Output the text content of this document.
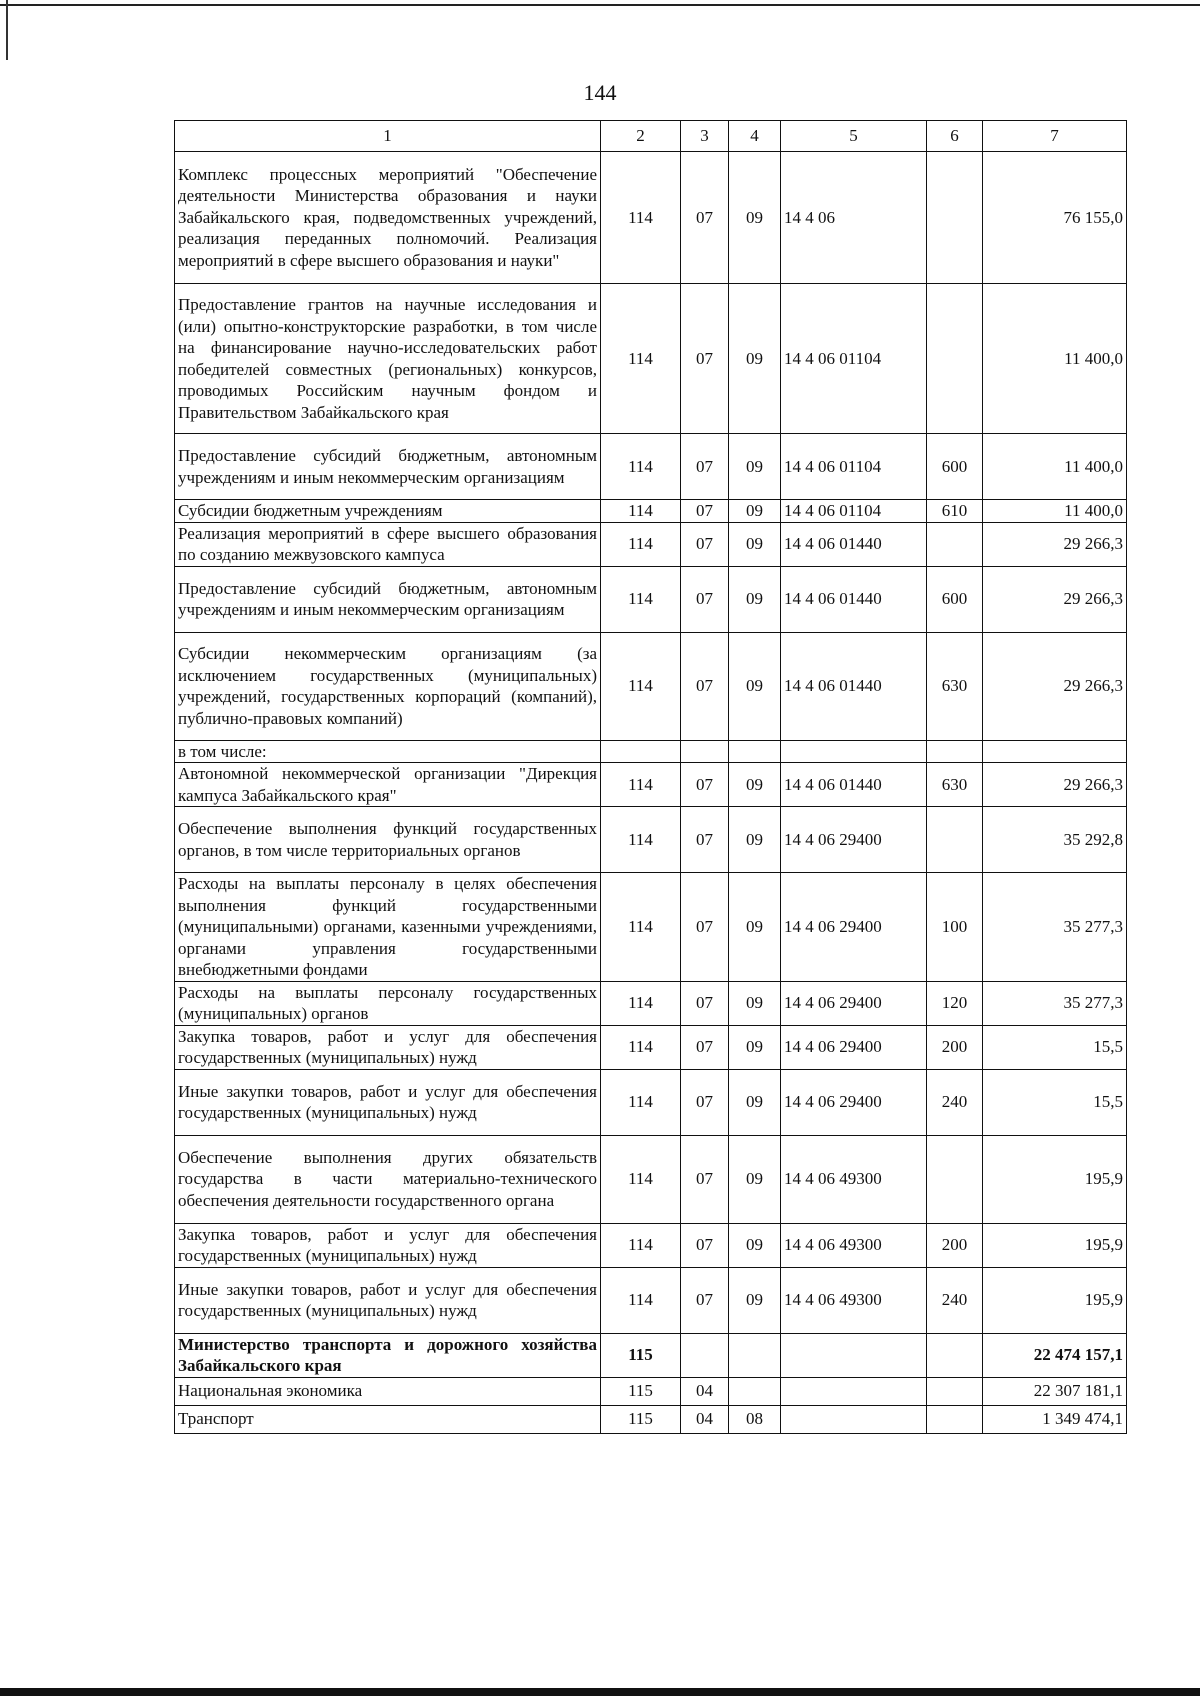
144
1	2	3	4	5	6	7
Комплекс процессных мероприятий "Обеспечение деятельности Министерства образования и науки Забайкальского края, подведомственных учреждений, реализация переданных полномочий. Реализация мероприятий в сфере высшего образования и науки"	114	07	09	14 4 06		76 155,0
Предоставление грантов на научные исследования и (или) опытно-конструкторские разработки, в том числе на финансирование научно-исследовательских работ победителей совместных (региональных) конкурсов, проводимых Российским научным фондом и Правительством Забайкальского края	114	07	09	14 4 06 01104		11 400,0
Предоставление субсидий бюджетным, автономным учреждениям и иным некоммерческим организациям	114	07	09	14 4 06 01104	600	11 400,0
Субсидии бюджетным учреждениям	114	07	09	14 4 06 01104	610	11 400,0
Реализация мероприятий в сфере высшего образования по созданию межвузовского кампуса	114	07	09	14 4 06 01440		29 266,3
Предоставление субсидий бюджетным, автономным учреждениям и иным некоммерческим организациям	114	07	09	14 4 06 01440	600	29 266,3
Субсидии некоммерческим организациям (за исключением государственных (муниципальных) учреждений, государственных корпораций (компаний), публично-правовых компаний)	114	07	09	14 4 06 01440	630	29 266,3
в том числе:						
Автономной некоммерческой организации "Дирекция кампуса Забайкальского края"	114	07	09	14 4 06 01440	630	29 266,3
Обеспечение выполнения функций государственных органов, в том числе территориальных органов	114	07	09	14 4 06 29400		35 292,8
Расходы на выплаты персоналу в целях обеспечения выполнения функций государственными (муниципальными) органами, казенными учреждениями, органами управления государственными внебюджетными фондами	114	07	09	14 4 06 29400	100	35 277,3
Расходы на выплаты персоналу государственных (муниципальных) органов	114	07	09	14 4 06 29400	120	35 277,3
Закупка товаров, работ и услуг для обеспечения государственных (муниципальных) нужд	114	07	09	14 4 06 29400	200	15,5
Иные закупки товаров, работ и услуг для обеспечения государственных (муниципальных) нужд	114	07	09	14 4 06 29400	240	15,5
Обеспечение выполнения других обязательств государства в части материально-технического обеспечения деятельности государственного органа	114	07	09	14 4 06 49300		195,9
Закупка товаров, работ и услуг для обеспечения государственных (муниципальных) нужд	114	07	09	14 4 06 49300	200	195,9
Иные закупки товаров, работ и услуг для обеспечения государственных (муниципальных) нужд	114	07	09	14 4 06 49300	240	195,9
Министерство транспорта и дорожного хозяйства Забайкальского края	115					22 474 157,1
Национальная экономика	115	04				22 307 181,1
Транспорт	115	04	08			1 349 474,1
